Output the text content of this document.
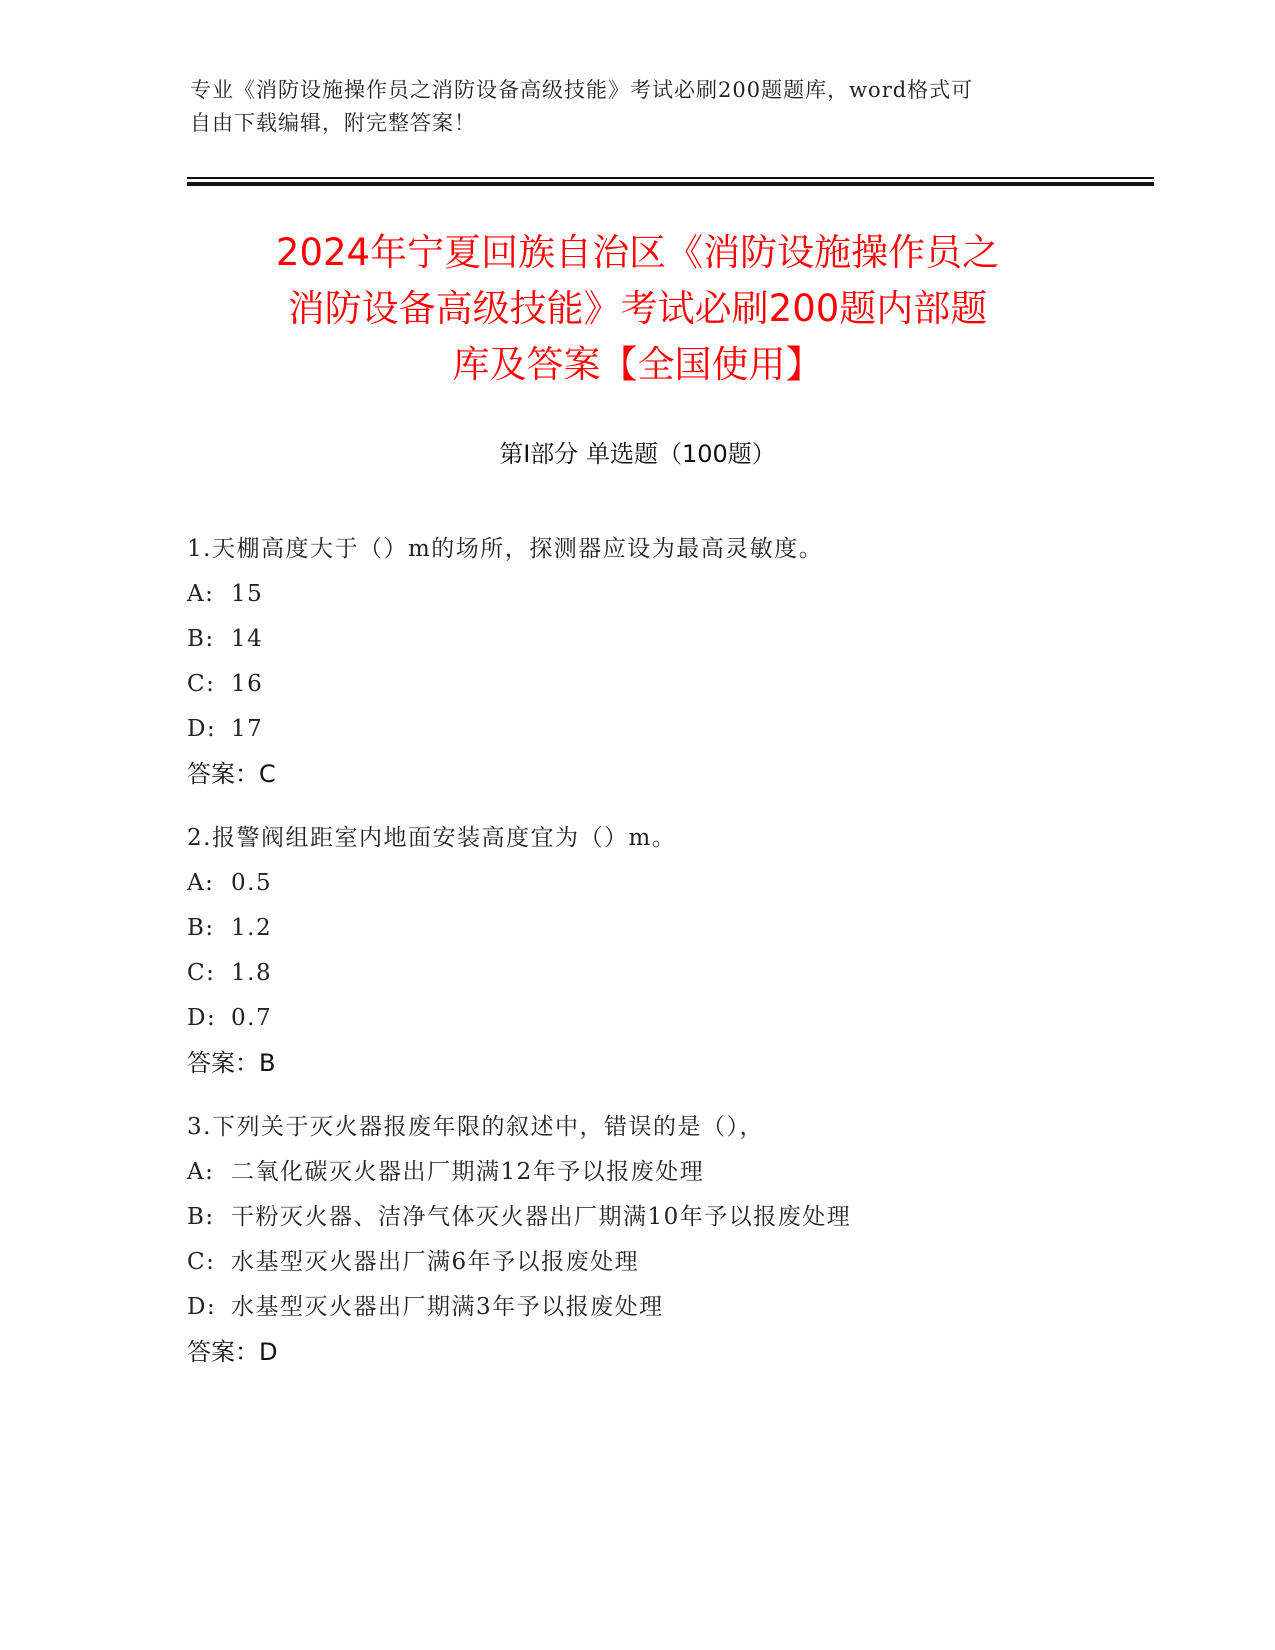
专业《消防设施操作员之消防设备高级技能》考试必刷200题题库，word格式可
自由下载编辑，附完整答案！
2024年宁夏回族自治区《消防设施操作员之
消防设备高级技能》考试必刷200题内部题
库及答案【全国使用】
第Ⅰ部分 单选题（100题）
1.天棚高度大于（）m的场所，探测器应设为最高灵敏度。
A: 15
B: 14
C: 16
D: 17
答案：C
2.报警阀组距室内地面安装高度宜为（）m。
A: 0.5
B: 1.2
C: 1.8
D: 0.7
答案：B
3.下列关于灭火器报废年限的叙述中，错误的是（），
A: 二氧化碳灭火器出厂期满12年予以报废处理
B: 干粉灭火器、洁净气体灭火器出厂期满10年予以报废处理
C: 水基型灭火器出厂满6年予以报废处理
D: 水基型灭火器出厂期满3年予以报废处理
答案：D
